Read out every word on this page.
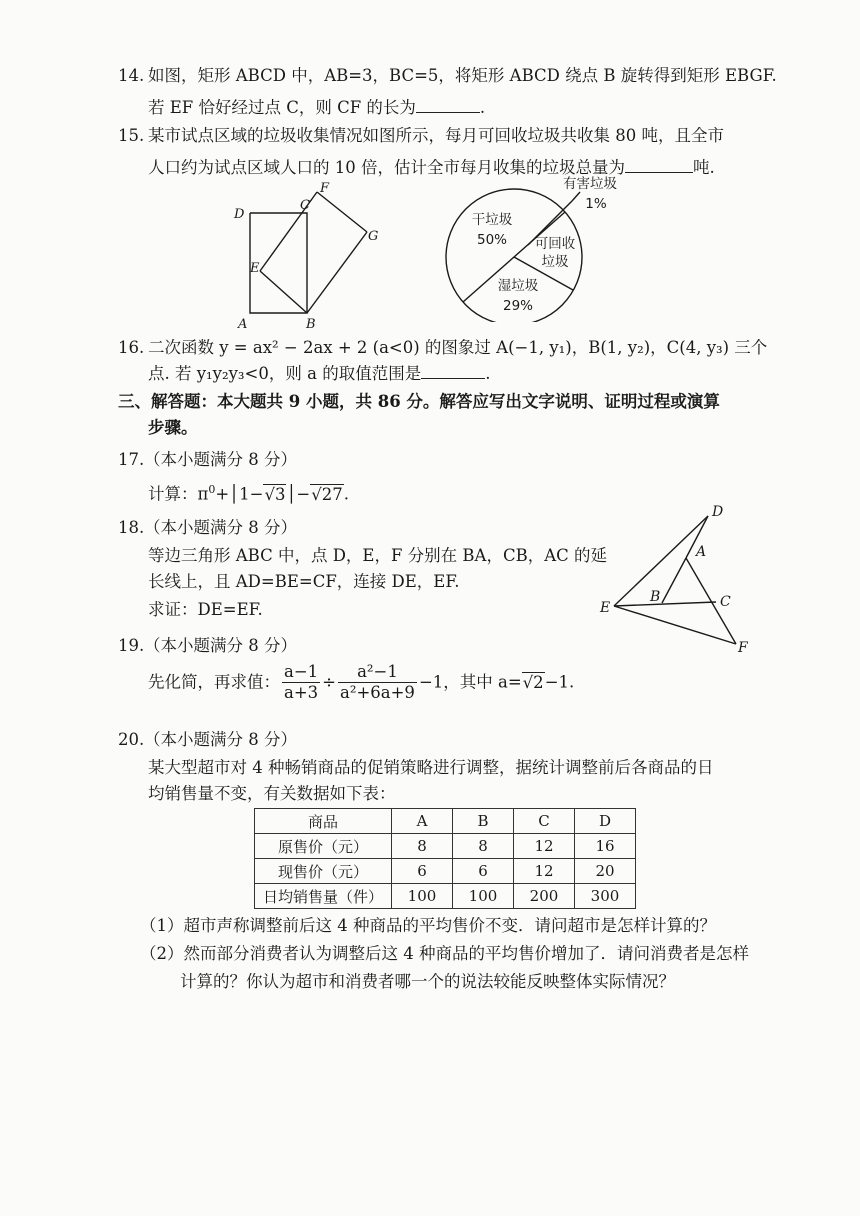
14. 如图，矩形 ABCD 中，AB=3，BC=5，将矩形 ABCD 绕点 B 旋转得到矩形 EBGF.
若 EF 恰好经过点 C，则 CF 的长为	.
15. 某市试点区域的垃圾收集情况如图所示，每月可回收垃圾共收集 80 吨，且全市
人口约为试点区域人口的 10 倍，估计全市每月收集的垃圾总量为	吨.
D
C
F
G
E
A	B
有害垃圾
1%
干垃圾
50% 可回收
垃圾
湿垃圾
29%
16. 二次函数 y = ax² − 2ax + 2 (a<0) 的图象过 A(−1, y₁)，B(1, y₂)，C(4, y₃) 三个
点. 若 y₁y₂y₃<0，则 a 的取值范围是	.
三、解答题：本大题共 9 小题，共 86 分。解答应写出文字说明、证明过程或演算
步骤。
17. （本小题满分 8 分）
计算：$\pi^0+│1-√3│-√27$.
18. （本小题满分 8 分）
等边三角形 ABC 中，点 D，E，F 分别在 BA，CB，AC 的延
长线上，且 AD=BE=CF，连接 DE，EF.
求证：DE=EF.
D
A
B	C
E
F
19. （本小题满分 8 分）
先化简，再求值： $\frac{a-1}{a+3} \div \frac{\text{a²−1}}{\text{a²+6a+9}} -1$，其中 a=√2−1.
20. （本小题满分 8 分）
某大型超市对 4 种畅销商品的促销策略进行调整，据统计调整前后各商品的日
均销售量不变，有关数据如下表：
商品	A	B	C	D
原售价（元）	8	8	12	16
现售价（元）	6	6	12	20
日均销售量（件）	100	100	200	300
（1）超市声称调整前后这 4 种商品的平均售价不变．请问超市是怎样计算的？
（2）然而部分消费者认为调整后这 4 种商品的平均售价增加了．请问消费者是怎样
计算的？你认为超市和消费者哪一个的说法较能反映整体实际情况？
